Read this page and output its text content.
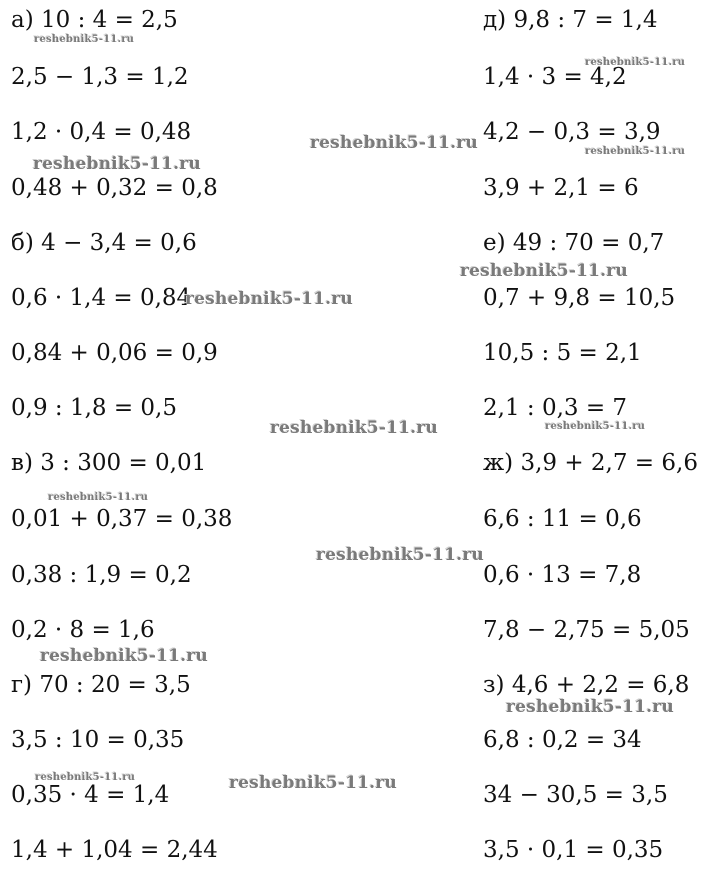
а) 10 : 4 = 2,5
2,5 − 1,3 = 1,2
1,2 · 0,4 = 0,48
0,48 + 0,32 = 0,8
б) 4 − 3,4 = 0,6
0,6 · 1,4 = 0,84
0,84 + 0,06 = 0,9
0,9 : 1,8 = 0,5
в) 3 : 300 = 0,01
0,01 + 0,37 = 0,38
0,38 : 1,9 = 0,2
0,2 · 8 = 1,6
г) 70 : 20 = 3,5
3,5 : 10 = 0,35
0,35 · 4 = 1,4
1,4 + 1,04 = 2,44
д) 9,8 : 7 = 1,4
1,4 · 3 = 4,2
4,2 − 0,3 = 3,9
3,9 + 2,1 = 6
е) 49 : 70 = 0,7
0,7 + 9,8 = 10,5
10,5 : 5 = 2,1
2,1 : 0,3 = 7
ж) 3,9 + 2,7 = 6,6
6,6 : 11 = 0,6
0,6 · 13 = 7,8
7,8 − 2,75 = 5,05
з) 4,6 + 2,2 = 6,8
6,8 : 0,2 = 34
34 − 30,5 = 3,5
3,5 · 0,1 = 0,35
reshebnik5-11.ru
reshebnik5-11.ru
reshebnik5-11.ru	reshebnik5-11.ru
reshebnik5-11.ru
reshebnik5-11.ru
reshebnik5-11.ru
reshebnik5-11.ru	reshebnik5-11.ru
reshebnik5-11.ru
reshebnik5-11.ru
reshebnik5-11.ru
reshebnik5-11.ru
reshebnik5-11.ru	reshebnik5-11.ru
